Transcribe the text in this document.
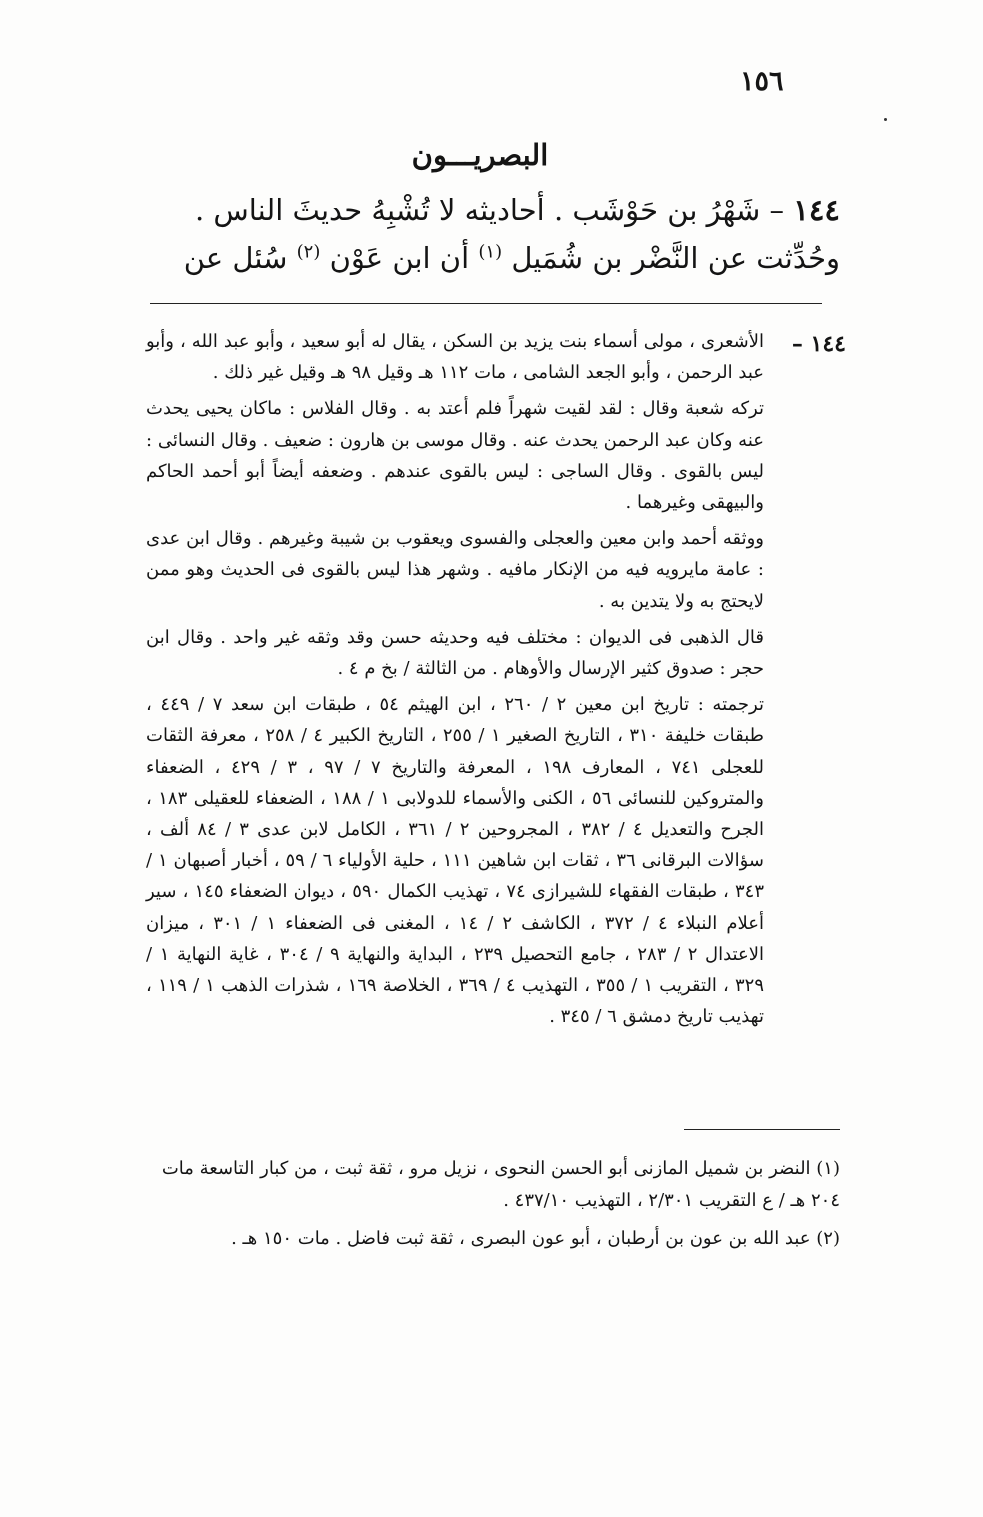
١٥٦
البصريـــون
١٤٤ – شَهْرُ بن حَوْشَب . أحاديثه لا تُشْبِهُ حديثَ الناس .
وحُدِّثت عن النَّضْر بن شُمَيل $^{(١)}$ أن ابن عَوْن $^{(٢)}$ سُئل عن
١٤٤ –

الأشعرى ، مولى أسماء بنت يزيد بن السكن ، يقال له أبو سعيد ، وأبو عبد الله ، وأبو عبد الرحمن ، وأبو الجعد الشامى ، مات ١١٢ هـ وقيل ٩٨ هـ وقيل غير ذلك .

تركه شعبة وقال : لقد لقيت شهراً فلم أعتد به . وقال الفلاس : ماكان يحيى يحدث عنه وكان عبد الرحمن يحدث عنه . وقال موسى بن هارون : ضعيف . وقال النسائى : ليس بالقوى . وقال الساجى : ليس بالقوى عندهم . وضعفه أيضاً أبو أحمد الحاكم والبيهقى وغيرهما .

ووثقه أحمد وابن معين والعجلى والفسوى ويعقوب بن شيبة وغيرهم . وقال ابن عدى : عامة مايرويه فيه من الإنكار مافيه . وشهر هذا ليس بالقوى فى الحديث وهو ممن لايحتج به ولا يتدين به .

قال الذهبى فى الديوان : مختلف فيه وحديثه حسن وقد وثقه غير واحد . وقال ابن حجر : صدوق كثير الإرسال والأوهام . من الثالثة / بخ م ٤ .

ترجمته : تاريخ ابن معين ٢ / ٢٦٠ ، ابن الهيثم ٥٤ ، طبقات ابن سعد ٧ / ٤٤٩ ، طبقات خليفة ٣١٠ ، التاريخ الصغير ١ / ٢٥٥ ، التاريخ الكبير ٤ / ٢٥٨ ، معرفة الثقات للعجلى ٧٤١ ، المعارف ١٩٨ ، المعرفة والتاريخ ٧ / ٩٧ ، ٣ / ٤٢٩ ، الضعفاء والمتروكين للنسائى ٥٦ ، الكنى والأسماء للدولابى ١ / ١٨٨ ، الضعفاء للعقيلى ١٨٣ ، الجرح والتعديل ٤ / ٣٨٢ ، المجروحين ٢ / ٣٦١ ، الكامل لابن عدى ٣ / ٨٤ ألف ، سؤالات البرقانى ٣٦ ، ثقات ابن شاهين ١١١ ، حلية الأولياء ٦ / ٥٩ ، أخبار أصبهان ١ / ٣٤٣ ، طبقات الفقهاء للشيرازى ٧٤ ، تهذيب الكمال ٥٩٠ ، ديوان الضعفاء ١٤٥ ، سير أعلام النبلاء ٤ / ٣٧٢ ، الكاشف ٢ / ١٤ ، المغنى فى الضعفاء ١ / ٣٠١ ، ميزان الاعتدال ٢ / ٢٨٣ ، جامع التحصيل ٢٣٩ ، البداية والنهاية ٩ / ٣٠٤ ، غاية النهاية ١ / ٣٢٩ ، التقريب ١ / ٣٥٥ ، التهذيب ٤ / ٣٦٩ ، الخلاصة ١٦٩ ، شذرات الذهب ١ / ١١٩ ، تهذيب تاريخ دمشق ٦ / ٣٤٥ .

(١) النضر بن شميل المازنى أبو الحسن النحوى ، نزيل مرو ، ثقة ثبت ، من كبار التاسعة مات ٢٠٤ هـ / ع التقريب ٢/٣٠١ ، التهذيب ٤٣٧/١٠ .

(٢) عبد الله بن عون بن أرطبان ، أبو عون البصرى ، ثقة ثبت فاضل . مات ١٥٠ هـ .
